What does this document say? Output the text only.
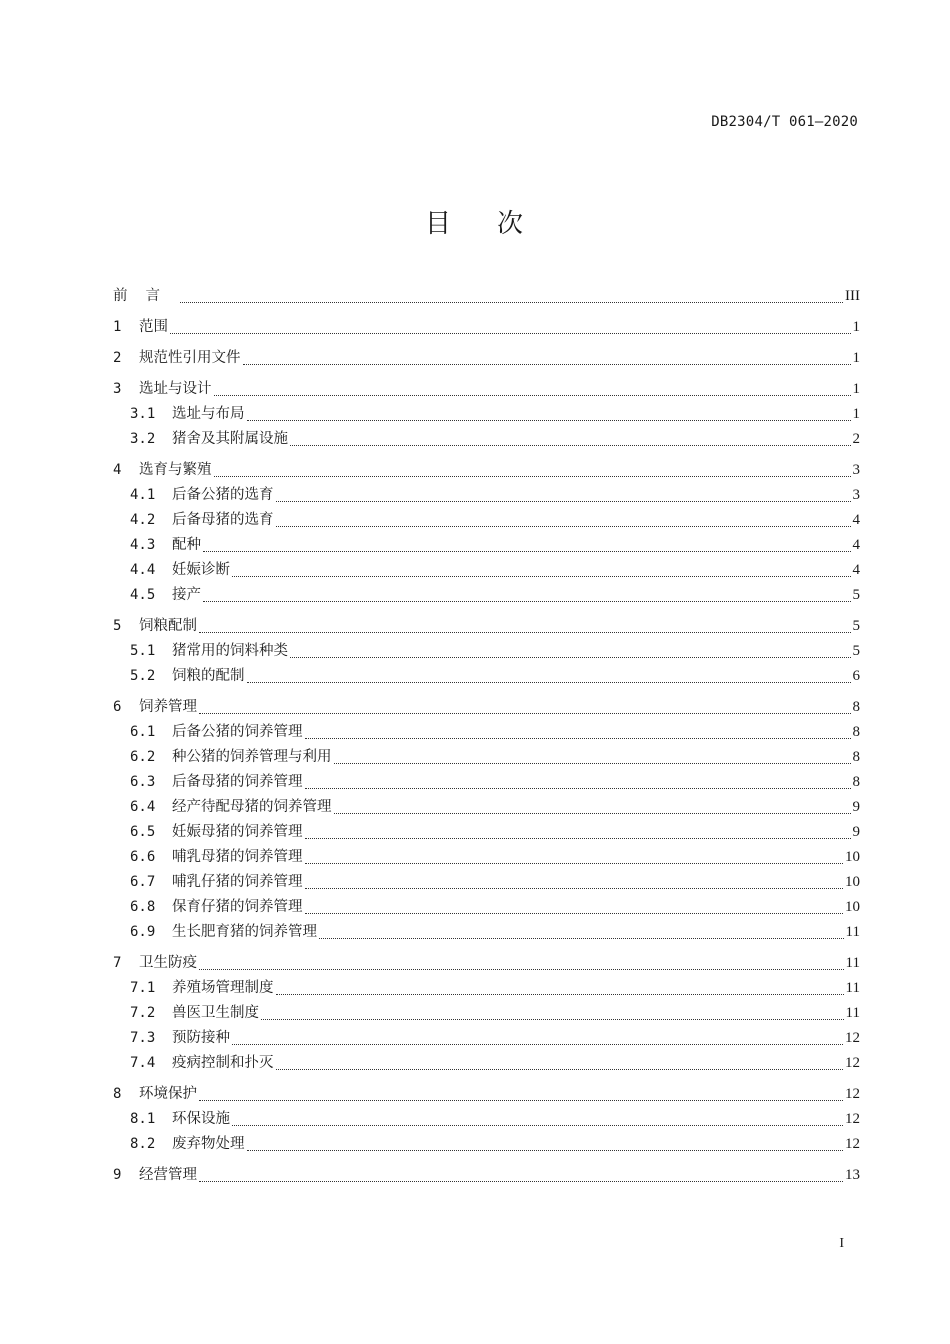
DB2304/T 061—2020
目 次
前言	III
1	范围	1
2	规范性引用文件	1
3	选址与设计	1
3.1	选址与布局	1
3.2	猪舍及其附属设施	2
4	选育与繁殖	3
4.1	后备公猪的选育	3
4.2	后备母猪的选育	4
4.3	配种	4
4.4	妊娠诊断	4
4.5	接产	5
5	饲粮配制	5
5.1	猪常用的饲料种类	5
5.2	饲粮的配制	6
6	饲养管理	8
6.1	后备公猪的饲养管理	8
6.2	种公猪的饲养管理与利用	8
6.3	后备母猪的饲养管理	8
6.4	经产待配母猪的饲养管理	9
6.5	妊娠母猪的饲养管理	9
6.6	哺乳母猪的饲养管理	10
6.7	哺乳仔猪的饲养管理	10
6.8	保育仔猪的饲养管理	10
6.9	生长肥育猪的饲养管理	11
7	卫生防疫	11
7.1	养殖场管理制度	11
7.2	兽医卫生制度	11
7.3	预防接种	12
7.4	疫病控制和扑灭	12
8	环境保护	12
8.1	环保设施	12
8.2	废弃物处理	12
9	经营管理	13
I
